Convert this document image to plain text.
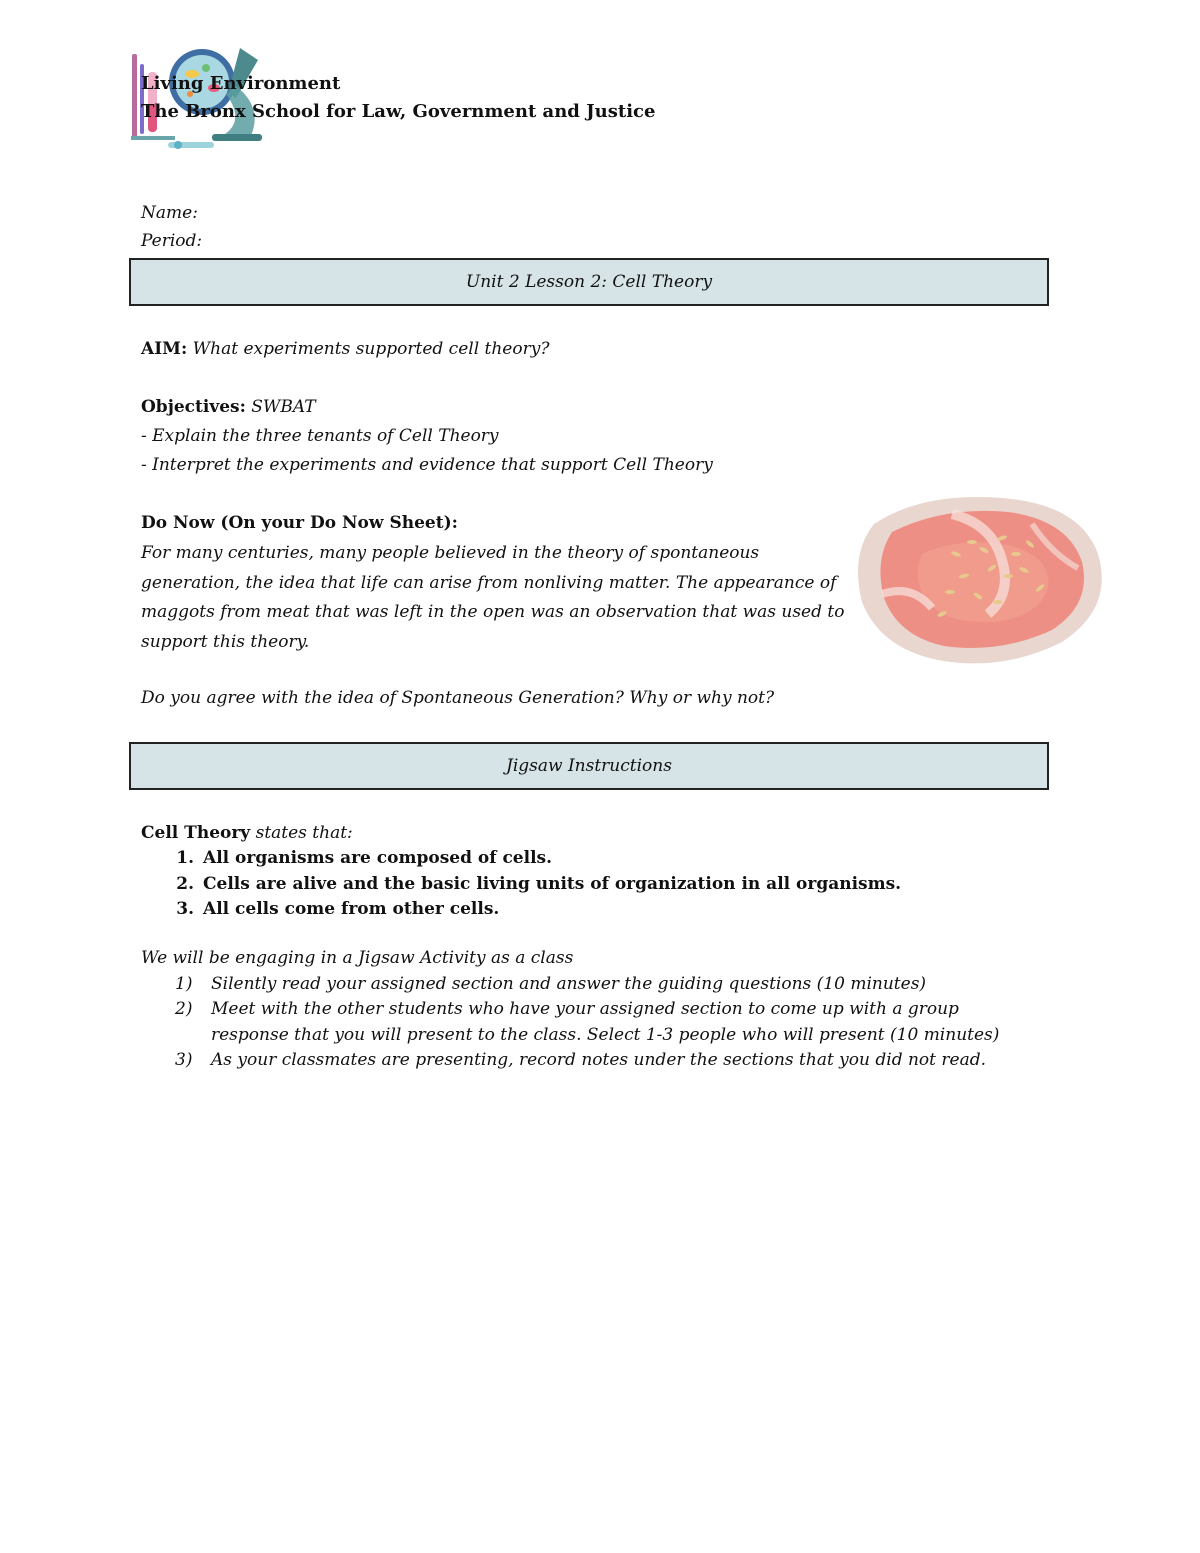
Living Environment
The Bronx School for Law, Government and Justice
Name:
Period:
Unit 2 Lesson 2: Cell Theory
AIM: What experiments supported cell theory?
Objectives: SWBAT
- Explain the three tenants of Cell Theory
- Interpret the experiments and evidence that support Cell Theory
Do Now (On your Do Now Sheet):
For many centuries, many people believed in the theory of spontaneous generation, the idea that life can arise from nonliving matter. The appearance of maggots from meat that was left in the open was an observation that was used to support this theory.
Do you agree with the idea of Spontaneous Generation? Why or why not?
Jigsaw Instructions
Cell Theory states that:
1. All organisms are composed of cells.
2. Cells are alive and the basic living units of organization in all organisms.
3. All cells come from other cells.
We will be engaging in a Jigsaw Activity as a class
1) Silently read your assigned section and answer the guiding questions (10 minutes)
2) Meet with the other students who have your assigned section to come up with a group response that you will present to the class. Select 1-3 people who will present (10 minutes)
3) As your classmates are presenting, record notes under the sections that you did not read.
